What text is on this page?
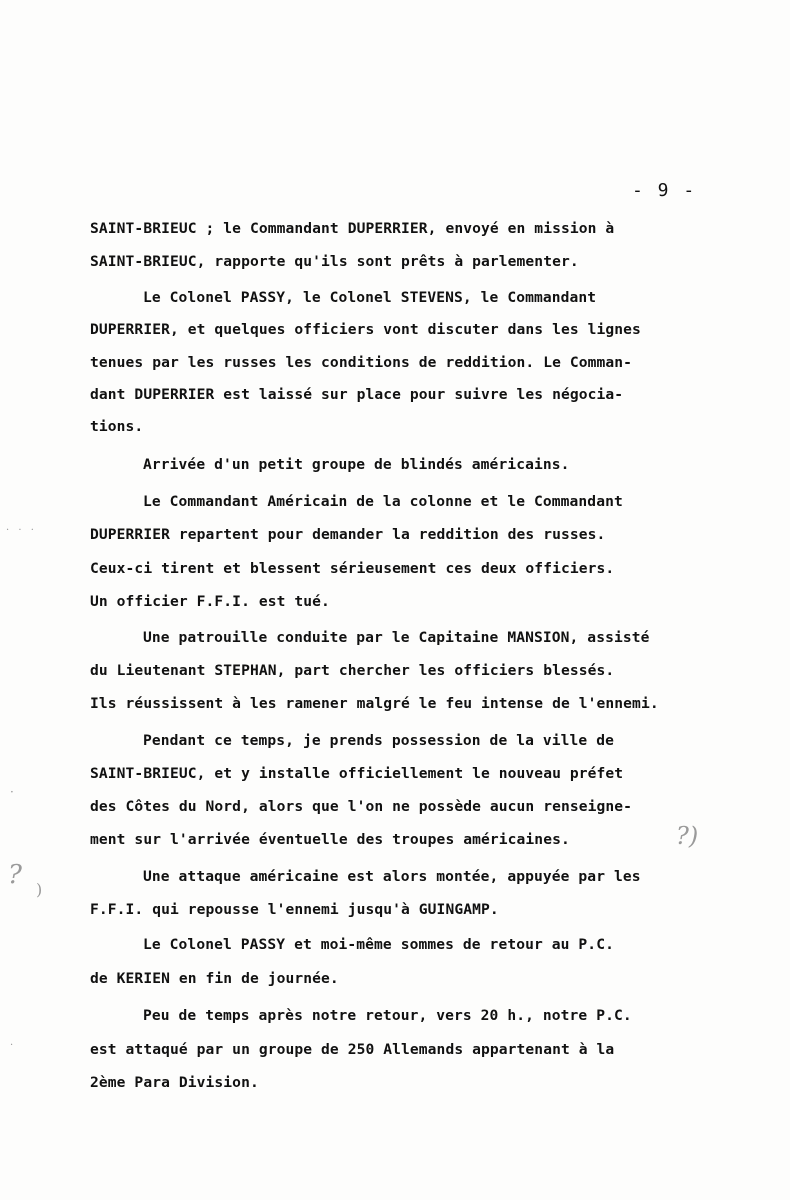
- 9 -
SAINT-BRIEUC ; le Commandant DUPERRIER, envoyé en mission à
SAINT-BRIEUC, rapporte qu'ils sont prêts à parlementer.
Le Colonel PASSY, le Colonel STEVENS, le Commandant
DUPERRIER, et quelques officiers vont discuter dans les lignes
tenues par les russes les conditions de reddition. Le Comman-
dant DUPERRIER est laissé sur place pour suivre les négocia-
tions.
Arrivée d'un petit groupe de blindés américains.
Le Commandant Américain de la colonne et le Commandant
DUPERRIER repartent pour demander la reddition des russes.
Ceux-ci tirent et blessent sérieusement ces deux officiers.
Un officier F.F.I. est tué.
Une patrouille conduite par le Capitaine MANSION, assisté
du Lieutenant STEPHAN, part chercher les officiers blessés.
Ils réussissent à les ramener malgré le feu intense de l'ennemi.
Pendant ce temps, je prends possession de la ville de
SAINT-BRIEUC, et y installe officiellement le nouveau préfet
des Côtes du Nord, alors que l'on ne possède aucun renseigne-
ment sur l'arrivée éventuelle des troupes américaines.
Une attaque américaine est alors montée, appuyée par les
F.F.I. qui repousse l'ennemi jusqu'à GUINGAMP.
Le Colonel PASSY et moi-même sommes de retour au P.C.
de KERIEN en fin de journée.
Peu de temps après notre retour, vers 20 h., notre P.C.
est attaqué par un groupe de 250 Allemands appartenant à la
2ème Para Division.
· · ·
·
? )
?)
·
